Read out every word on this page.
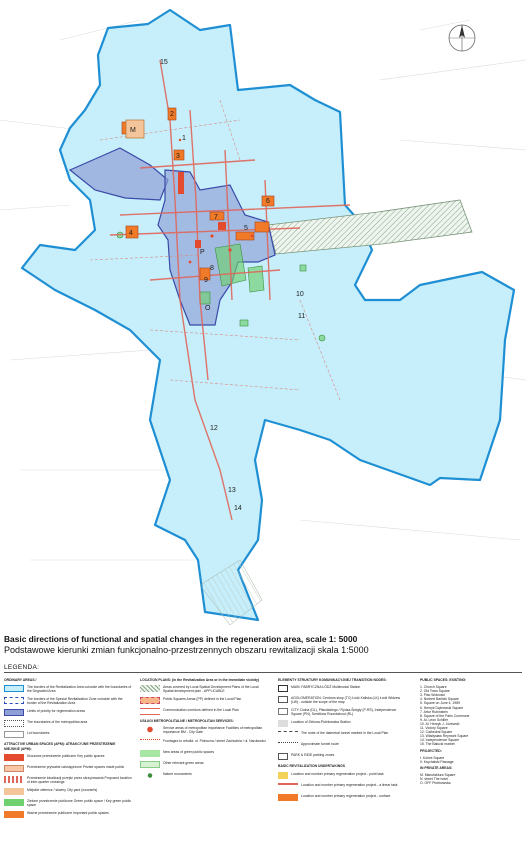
15
M
2
3
7
4
6
8
9
10
11
12
13
14
O
P
1
5
Basic directions of functional and spatial changes in the regeneration area, scale 1: 5000
Podstawowe kierunki zmian funkcjonalno-przestrzennych obszaru rewitalizacji skala 1:5000
LEGENDA:
ORDINARY AREAS /
The borders of the Revitalization Area coincide with the boundaries of the Degraded Area
The borders of the Special Revitalization Zone coincide with the border of the Revitalization Area
Limits of priority for regeneration areas
The boundaries of the metropolitan area
Lot boundaries
ATTRACTIVE URBAN SPACES (APM): ATRAKCYJNE PRZESTRZENIE MIEJSKIE (APM):
Kluczowe przestrzenie publiczne Key public spaces
Przestrzenie prywatne udostępnione Private spaces made public
Przestrzenie lokalizacji przejść przez skrzyżowania Proposed location of inter-quarter crossings
Miejskie zieleńce / skwery City yard (woonerfs)
Zielone przestrzenie publiczne Green public space / Key green public space
Ważne przestrzenie publiczne Important public spaces
LOCATION PLANS: (in the Revitalization Area or in the immediate vicinity)
Areas covered by Local Spatial Development Plans of the Local Spatial development plan - APPLICABLE
Public Squares Areas (PP) defined in the Local Plan
Communication corridors defined in the Local Plan
USŁUGI METROPOLITALNE / METROPOLITAN SERVICES:
Service areas of metropolitan importance Facilities of metropolitan importance BM - City Gate
Frontages to rebuild: ul. Pólnocna / street Zachodnia / ul. Narutowicz
New areas of green public spaces
Other relevant green areas
Nature monuments
ELEMENTY STRUKTURY KOMUNIKACYJNEJ TRANSITION NODES:
MAIN: FABRYCZNA ŁÓDŹ Multimodal Station
AGGLOMERATION: Centrum skup (TC) Łódź Kaliska (LK) Łódź Widzew (LW) - outside the scope of the map
CITY: Dolna (DL), Piłsudskiego / Rydza-Śmigły (P-RS), Independence Square (PN), Szmitkow Roundabout (RL)
Location of Zielona-Piotrkowska Station
The route of the diametral tunnel marked in the Local Plan
Approximate tunnel route
PARK & RIDE parking zones
BASIC REVITALIZATION UNDERTAKINGS
Location and number primary regeneration project - point task
Location and number primary regeneration project - a linear task
Location and number primary regeneration project - surface
PUBLIC SPACES: EXISTING:
1. Church Square
2. Old Town Square
3. Plac Wolności
4. Norbert Barlicki Square
5. Square on June 4, 1989
6. Henryk Dąbrowski Square
7. Artur Rubinstein
8. Square of the Paris Commune
9. Al. Leon Schiller
10. Al. Henryk J. Józewski
11. Victory Square
12. Cathedral Square
13. Władysław Reymont Square
14. Independence Square
15. The Bałucki market
PROJECTED:
I. Kolors Square
II. Kręchalski Passage
IN PRIVATE AREAS:
M. Manufaktura Square
N. street The hotel
O. OFF Piotrkowska
